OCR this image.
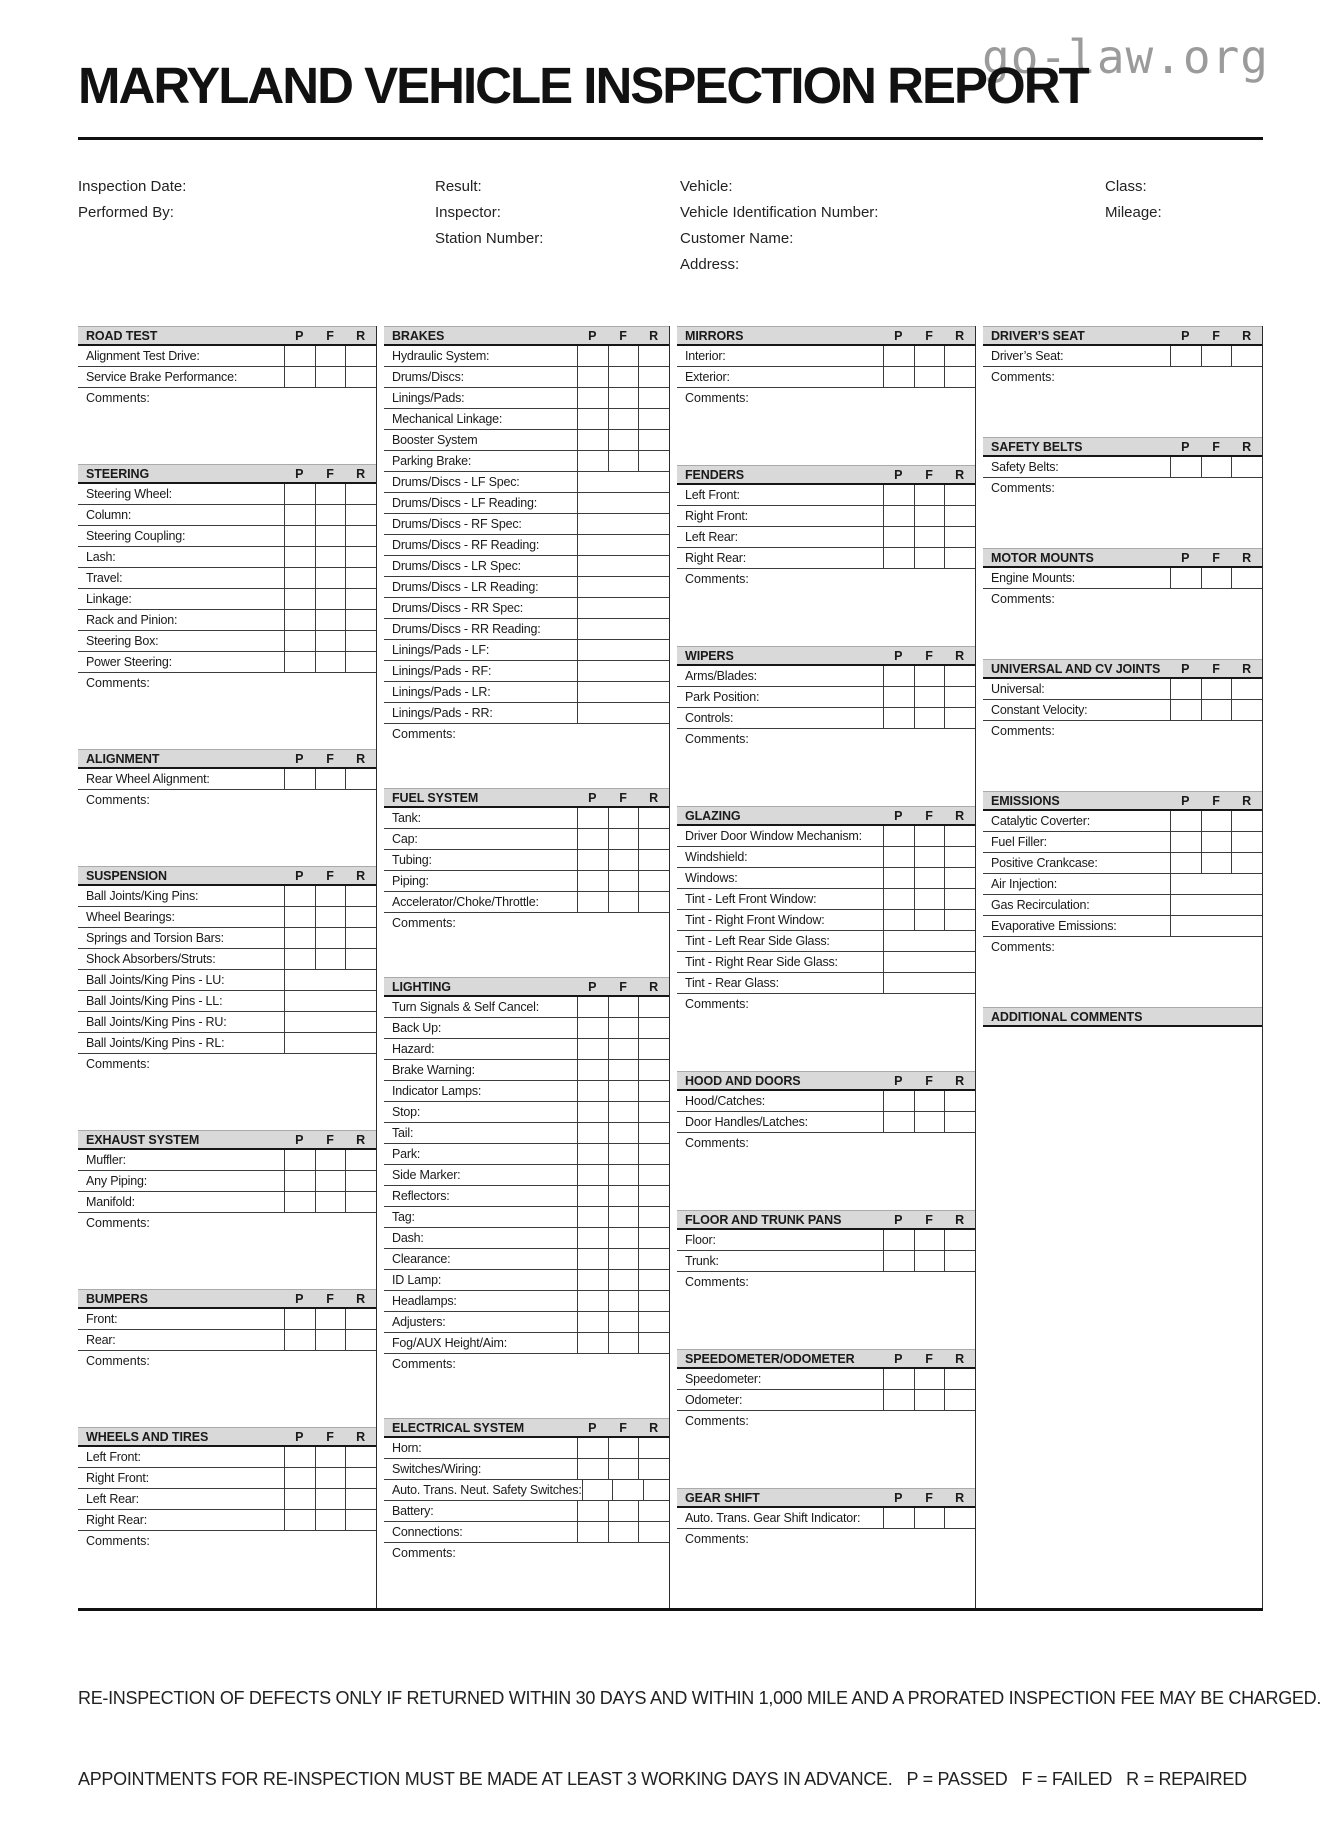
go-law.org
MARYLAND VEHICLE INSPECTION REPORT
Inspection Date:
Performed By:
Result:
Inspector:
Station Number:
Vehicle:
Vehicle Identification Number:
Customer Name:
Address:
Class:
Mileage:
ROAD TEST	P	F	R
Alignment Test Drive:
Service Brake Performance:
Comments:
STEERING	P	F	R
Steering Wheel:
Column:
Steering Coupling:
Lash:
Travel:
Linkage:
Rack and Pinion:
Steering Box:
Power Steering:
Comments:
ALIGNMENT	P	F	R
Rear Wheel Alignment:
Comments:
SUSPENSION	P	F	R
Ball Joints/King Pins:
Wheel Bearings:
Springs and Torsion Bars:
Shock Absorbers/Struts:
Ball Joints/King Pins - LU:
Ball Joints/King Pins - LL:
Ball Joints/King Pins - RU:
Ball Joints/King Pins - RL:
Comments:
EXHAUST SYSTEM	P	F	R
Muffler:
Any Piping:
Manifold:
Comments:
BUMPERS	P	F	R
Front:
Rear:
Comments:
WHEELS AND TIRES	P	F	R
Left Front:
Right Front:
Left Rear:
Right Rear:
Comments:
BRAKES	P	F	R
Hydraulic System:
Drums/Discs:
Linings/Pads:
Mechanical Linkage:
Booster System
Parking Brake:
Drums/Discs - LF Spec:
Drums/Discs - LF Reading:
Drums/Discs - RF Spec:
Drums/Discs - RF Reading:
Drums/Discs - LR Spec:
Drums/Discs - LR Reading:
Drums/Discs - RR Spec:
Drums/Discs - RR Reading:
Linings/Pads - LF:
Linings/Pads - RF:
Linings/Pads - LR:
Linings/Pads - RR:
Comments:
FUEL SYSTEM	P	F	R
Tank:
Cap:
Tubing:
Piping:
Accelerator/Choke/Throttle:
Comments:
LIGHTING	P	F	R
Turn Signals & Self Cancel:
Back Up:
Hazard:
Brake Warning:
Indicator Lamps:
Stop:
Tail:
Park:
Side Marker:
Reflectors:
Tag:
Dash:
Clearance:
ID Lamp:
Headlamps:
Adjusters:
Fog/AUX Height/Aim:
Comments:
ELECTRICAL SYSTEM	P	F	R
Horn:
Switches/Wiring:
Auto. Trans. Neut. Safety Switches:
Battery:
Connections:
Comments:
MIRRORS	P	F	R
Interior:
Exterior:
Comments:
FENDERS	P	F	R
Left Front:
Right Front:
Left Rear:
Right Rear:
Comments:
WIPERS	P	F	R
Arms/Blades:
Park Position:
Controls:
Comments:
GLAZING	P	F	R
Driver Door Window Mechanism:
Windshield:
Windows:
Tint - Left Front Window:
Tint - Right Front Window:
Tint - Left Rear Side Glass:
Tint - Right Rear Side Glass:
Tint - Rear Glass:
Comments:
HOOD AND DOORS	P	F	R
Hood/Catches:
Door Handles/Latches:
Comments:
FLOOR AND TRUNK PANS	P	F	R
Floor:
Trunk:
Comments:
SPEEDOMETER/ODOMETER	P	F	R
Speedometer:
Odometer:
Comments:
GEAR SHIFT	P	F	R
Auto. Trans. Gear Shift Indicator:
Comments:
DRIVER’S SEAT	P	F	R
Driver’s Seat:
Comments:
SAFETY BELTS	P	F	R
Safety Belts:
Comments:
MOTOR MOUNTS	P	F	R
Engine Mounts:
Comments:
UNIVERSAL AND CV JOINTS	P	F	R
Universal:
Constant Velocity:
Comments:
EMISSIONS	P	F	R
Catalytic Coverter:
Fuel Filler:
Positive Crankcase:
Air Injection:
Gas Recirculation:
Evaporative Emissions:
Comments:
ADDITIONAL COMMENTS

RE-INSPECTION OF DEFECTS ONLY IF RETURNED WITHIN 30 DAYS AND WITHIN 1,000 MILE AND A PRORATED INSPECTION FEE MAY BE CHARGED.

APPOINTMENTS FOR RE-INSPECTION MUST BE MADE AT LEAST 3 WORKING DAYS IN ADVANCE.   P = PASSED   F = FAILED   R = REPAIRED
